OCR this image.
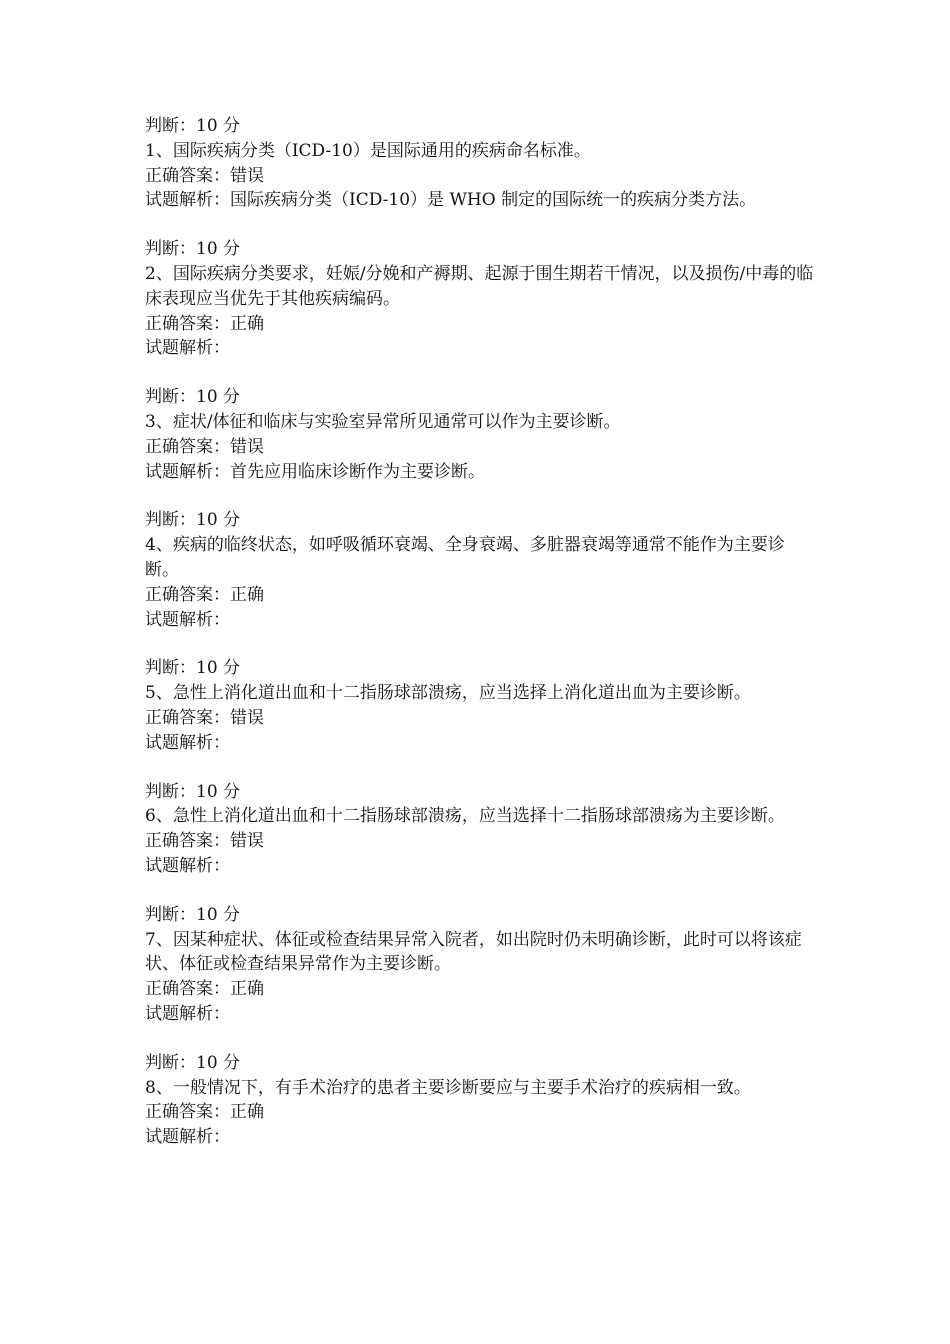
判断：10 分
1、国际疾病分类（ICD-10）是国际通用的疾病命名标准。
正确答案：错误
试题解析：国际疾病分类（ICD-10）是 WHO 制定的国际统一的疾病分类方法。
判断：10 分
2、国际疾病分类要求，妊娠/分娩和产褥期、起源于围生期若干情况，以及损伤/中毒的临床表现应当优先于其他疾病编码。
正确答案：正确
试题解析：
判断：10 分
3、症状/体征和临床与实验室异常所见通常可以作为主要诊断。
正确答案：错误
试题解析：首先应用临床诊断作为主要诊断。
判断：10 分
4、疾病的临终状态，如呼吸循环衰竭、全身衰竭、多脏器衰竭等通常不能作为主要诊断。
正确答案：正确
试题解析：
判断：10 分
5、急性上消化道出血和十二指肠球部溃疡，应当选择上消化道出血为主要诊断。
正确答案：错误
试题解析：
判断：10 分
6、急性上消化道出血和十二指肠球部溃疡，应当选择十二指肠球部溃疡为主要诊断。
正确答案：错误
试题解析：
判断：10 分
7、因某种症状、体征或检查结果异常入院者，如出院时仍未明确诊断，此时可以将该症状、体征或检查结果异常作为主要诊断。
正确答案：正确
试题解析：
判断：10 分
8、一般情况下，有手术治疗的患者主要诊断要应与主要手术治疗的疾病相一致。
正确答案：正确
试题解析：
